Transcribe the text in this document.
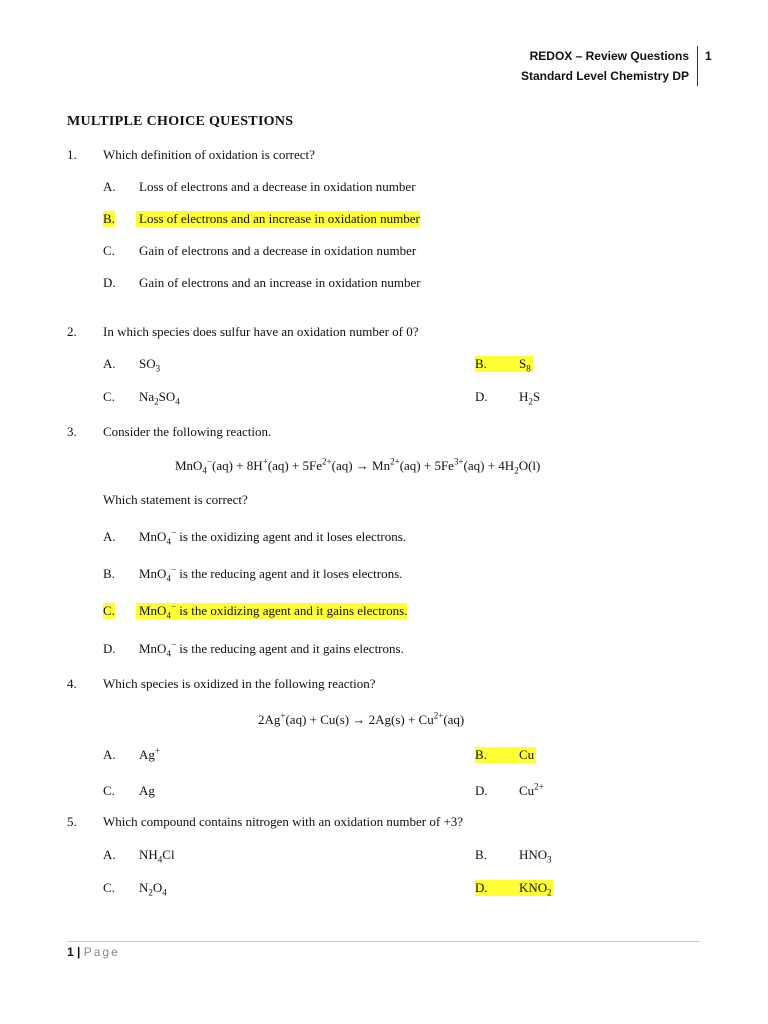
REDOX – Review Questions
Standard Level Chemistry DP
1
MULTIPLE CHOICE QUESTIONS
1. Which definition of oxidation is correct?
A. Loss of electrons and a decrease in oxidation number
B. Loss of electrons and an increase in oxidation number
C. Gain of electrons and a decrease in oxidation number
D. Gain of electrons and an increase in oxidation number
2. In which species does sulfur have an oxidation number of 0?
A. $SO_3$	B.	$S_8$
C. $Na_2SO_4$	D. $H_2S$
3. Consider the following reaction.
$MnO_4^-(aq) + 8H^+(aq) + 5Fe^{2+}(aq) \to Mn^{2+}(aq) + 5Fe^{3+}(aq) + 4H_2O(l)$
Which statement is correct?
A. MnO$_4$− is the oxidizing agent and it loses electrons.
B. MnO$_4$− is the reducing agent and it loses electrons.
C. MnO$_4$− is the oxidizing agent and it gains electrons.
D. MnO$_4$− is the reducing agent and it gains electrons.
4. Which species is oxidized in the following reaction?
$2Ag^+(aq) + Cu(s) \to 2Ag(s) + Cu^{2+}(aq)$
A. Ag+	B.	Cu
C. Ag	D. $Cu^{2+}$
5. Which compound contains nitrogen with an oxidation number of +3?
A. $NH_4Cl$	B. $HNO_3$
C. $N_2O_4$	D.	$KNO_2$
1 | Page
